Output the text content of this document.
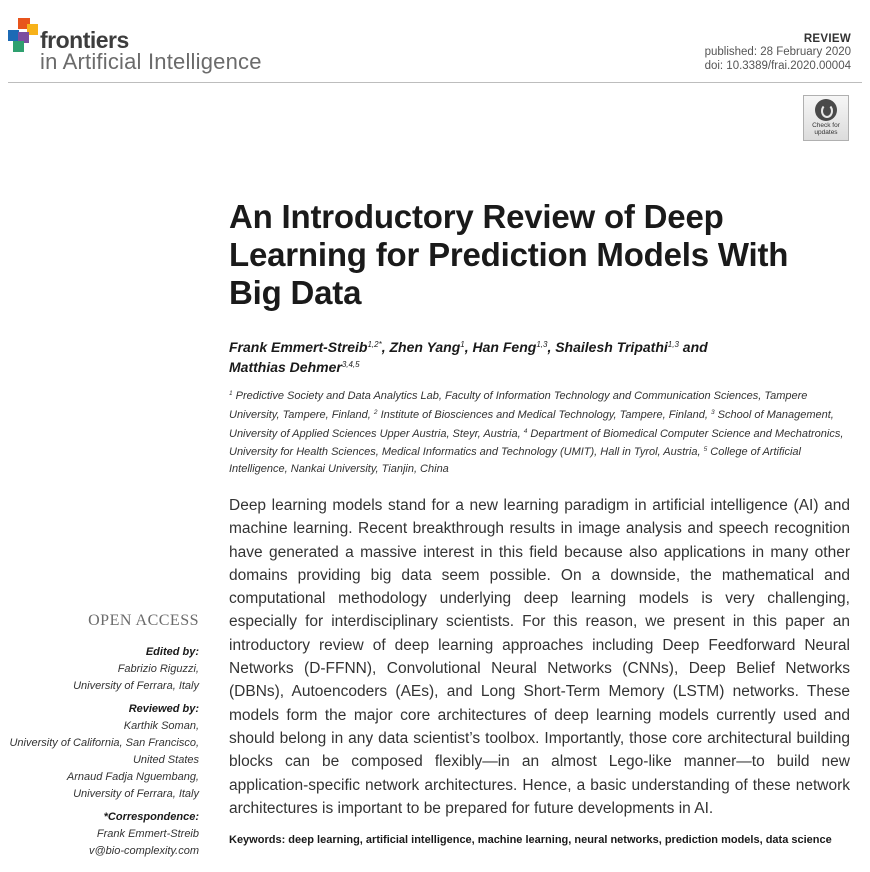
frontiers
in Artificial Intelligence
REVIEW
published: 28 February 2020
doi: 10.3389/frai.2020.00004
Check for
updates
An Introductory Review of Deep Learning for Prediction Models With Big Data
Frank Emmert-Streib$^{1,2*}$, Zhen Yang$^1$, Han Feng$^{1,3}$, Shailesh Tripathi$^{1,3}$ and
Matthias Dehmer$^{3,4,5}$
$^1$ Predictive Society and Data Analytics Lab, Faculty of Information Technology and Communication Sciences, Tampere University, Tampere, Finland, $^2$ Institute of Biosciences and Medical Technology, Tampere, Finland, $^3$ School of Management, University of Applied Sciences Upper Austria, Steyr, Austria, $^4$ Department of Biomedical Computer Science and Mechatronics, University for Health Sciences, Medical Informatics and Technology (UMIT), Hall in Tyrol, Austria, $^5$ College of Artificial Intelligence, Nankai University, Tianjin, China
Deep learning models stand for a new learning paradigm in artificial intelligence (AI) and machine learning. Recent breakthrough results in image analysis and speech recognition have generated a massive interest in this field because also applications in many other domains providing big data seem possible. On a downside, the mathematical and computational methodology underlying deep learning models is very challenging, especially for interdisciplinary scientists. For this reason, we present in this paper an introductory review of deep learning approaches including Deep Feedforward Neural Networks (D-FFNN), Convolutional Neural Networks (CNNs), Deep Belief Networks (DBNs), Autoencoders (AEs), and Long Short-Term Memory (LSTM) networks. These models form the major core architectures of deep learning models currently used and should belong in any data scientist’s toolbox. Importantly, those core architectural building blocks can be composed flexibly—in an almost Lego-like manner—to build new application-specific network architectures. Hence, a basic understanding of these network architectures is important to be prepared for future developments in AI.
Keywords: deep learning, artificial intelligence, machine learning, neural networks, prediction models, data science
OPEN ACCESS
Edited by:
Fabrizio Riguzzi,
University of Ferrara, Italy
Reviewed by:
Karthik Soman,
University of California, San Francisco,
United States
Arnaud Fadja Nguembang,
University of Ferrara, Italy
*Correspondence:
Frank Emmert-Streib
v@bio-complexity.com
